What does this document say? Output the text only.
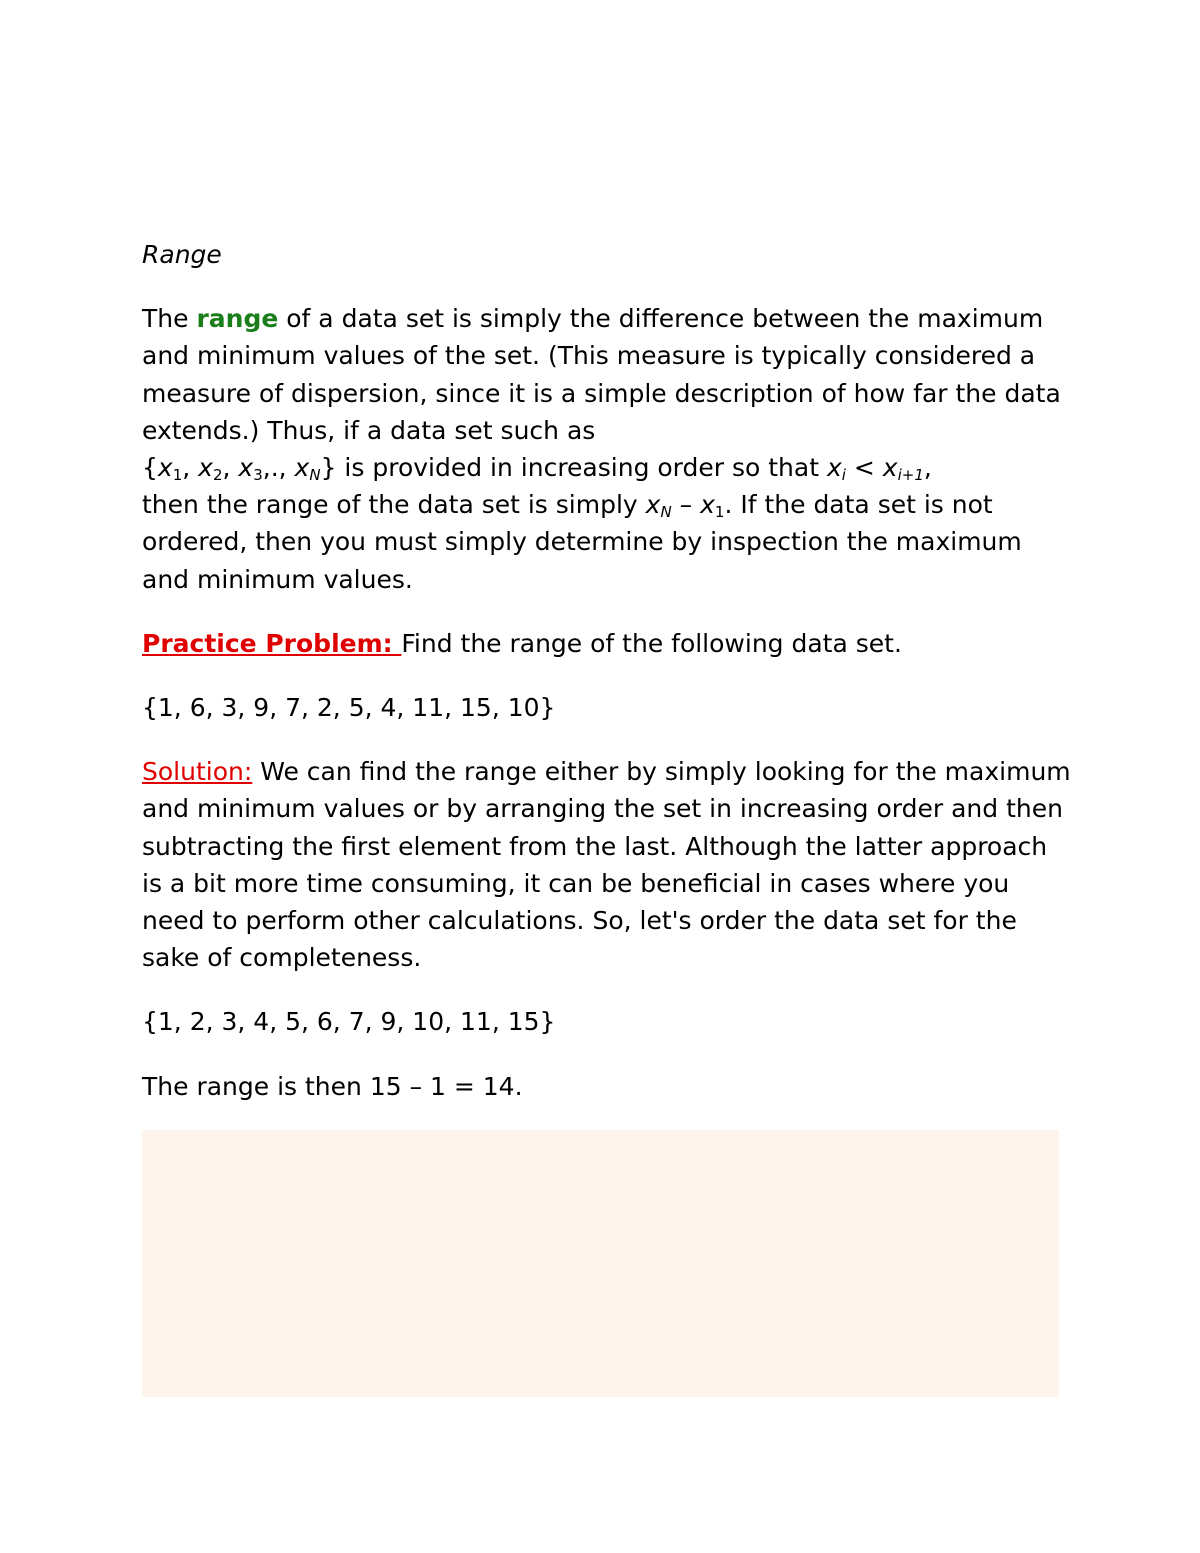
Range

The range of a data set is simply the difference between the maximum and minimum values of the set. (This measure is typically considered a measure of dispersion, since it is a simple description of how far the data extends.) Thus, if a data set such as
{$x_1$, $x_2$, $x_3$,., $x_N$} is provided in increasing order so that $x_i < x_{i+1}$,
then the range of the data set is simply $x_N - x_1$. If the data set is not ordered, then you must simply determine by inspection the maximum and minimum values.

Practice Problem: Find the range of the following data set.

{1, 6, 3, 9, 7, 2, 5, 4, 11, 15, 10}

Solution: We can find the range either by simply looking for the maximum and minimum values or by arranging the set in increasing order and then subtracting the first element from the last. Although the latter approach is a bit more time consuming, it can be beneficial in cases where you need to perform other calculations. So, let's order the data set for the sake of completeness.

{1, 2, 3, 4, 5, 6, 7, 9, 10, 11, 15}

The range is then 15 – 1 = 14.
